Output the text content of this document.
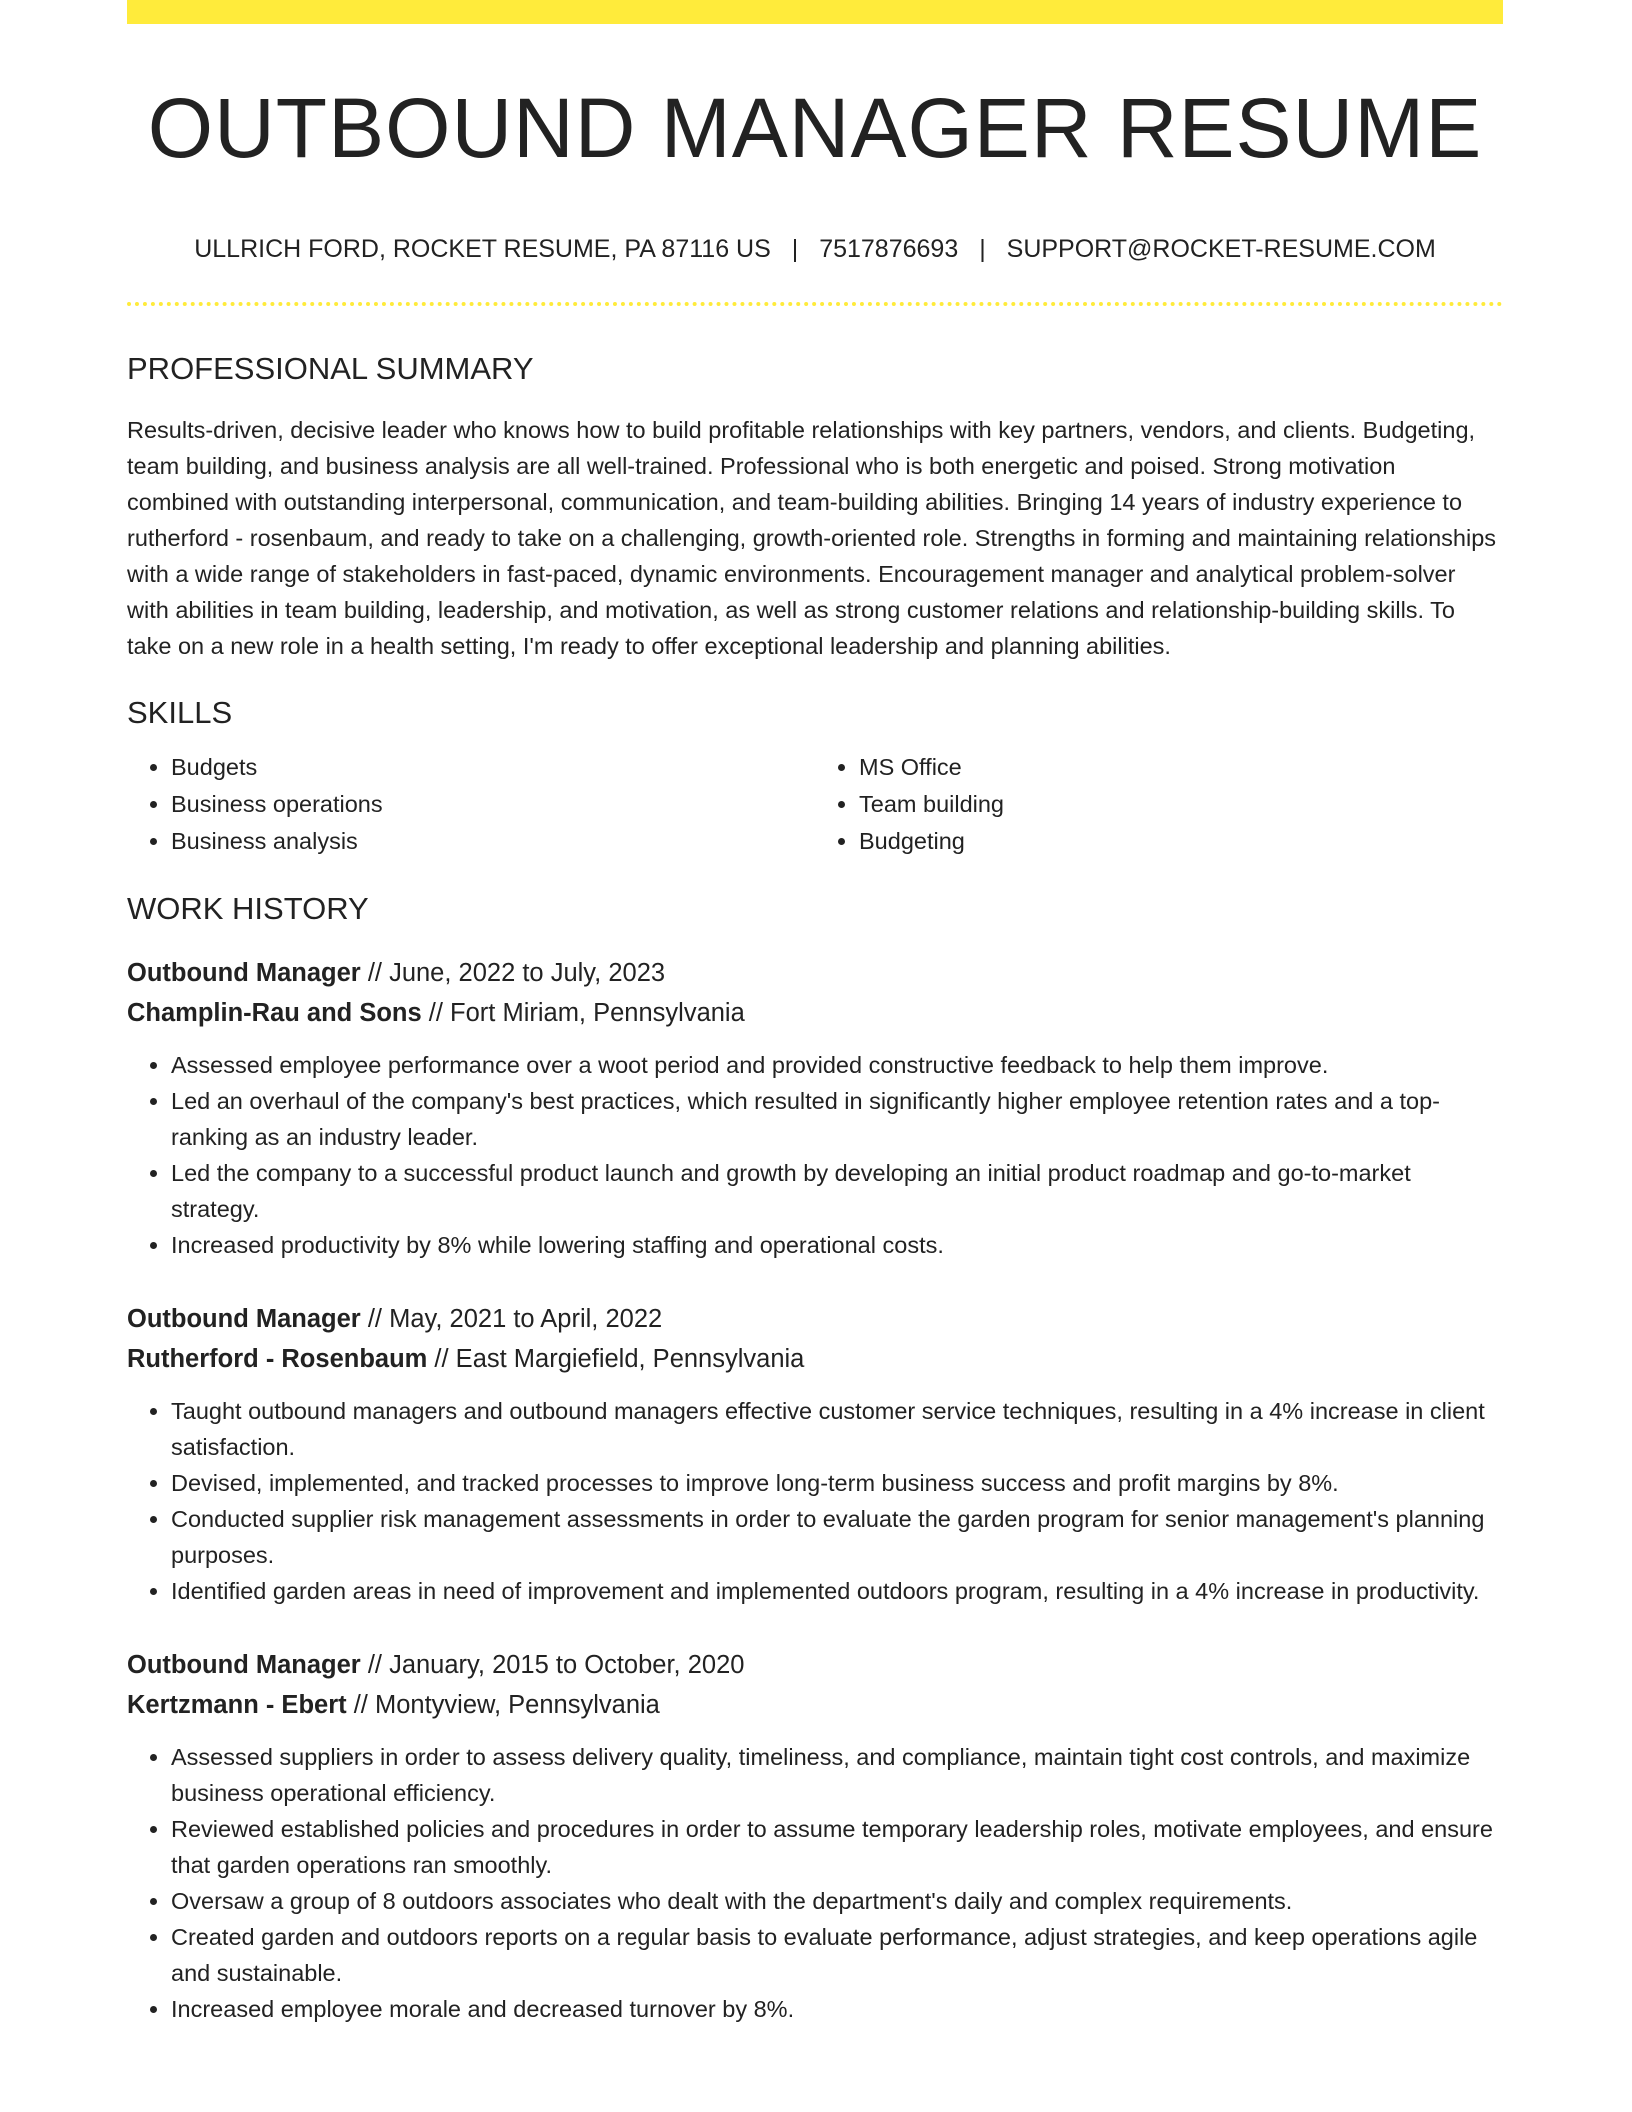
OUTBOUND MANAGER RESUME
ULLRICH FORD, ROCKET RESUME, PA 87116 US | 7517876693 | SUPPORT@ROCKET-RESUME.COM
PROFESSIONAL SUMMARY

Results-driven, decisive leader who knows how to build profitable relationships with key partners, vendors, and clients. Budgeting, team building, and business analysis are all well-trained. Professional who is both energetic and poised. Strong motivation combined with outstanding interpersonal, communication, and team-building abilities. Bringing 14 years of industry experience to rutherford - rosenbaum, and ready to take on a challenging, growth-oriented role. Strengths in forming and maintaining relationships with a wide range of stakeholders in fast-paced, dynamic environments. Encouragement manager and analytical problem-solver with abilities in team building, leadership, and motivation, as well as strong customer relations and relationship-building skills. To take on a new role in a health setting, I'm ready to offer exceptional leadership and planning abilities.

SKILLS
• Budgets
• Business operations
• Business analysis
• MS Office
• Team building
• Budgeting
WORK HISTORY
Outbound Manager // June, 2022 to July, 2023
Champlin-Rau and Sons // Fort Miriam, Pennsylvania
• Assessed employee performance over a woot period and provided constructive feedback to help them improve.
• Led an overhaul of the company's best practices, which resulted in significantly higher employee retention rates and a top-ranking as an industry leader.
• Led the company to a successful product launch and growth by developing an initial product roadmap and go-to-market strategy.
• Increased productivity by 8% while lowering staffing and operational costs.
Outbound Manager // May, 2021 to April, 2022
Rutherford - Rosenbaum // East Margiefield, Pennsylvania
• Taught outbound managers and outbound managers effective customer service techniques, resulting in a 4% increase in client satisfaction.
• Devised, implemented, and tracked processes to improve long-term business success and profit margins by 8%.
• Conducted supplier risk management assessments in order to evaluate the garden program for senior management's planning purposes.
• Identified garden areas in need of improvement and implemented outdoors program, resulting in a 4% increase in productivity.
Outbound Manager // January, 2015 to October, 2020
Kertzmann - Ebert // Montyview, Pennsylvania
• Assessed suppliers in order to assess delivery quality, timeliness, and compliance, maintain tight cost controls, and maximize business operational efficiency.
• Reviewed established policies and procedures in order to assume temporary leadership roles, motivate employees, and ensure that garden operations ran smoothly.
• Oversaw a group of 8 outdoors associates who dealt with the department's daily and complex requirements.
• Created garden and outdoors reports on a regular basis to evaluate performance, adjust strategies, and keep operations agile and sustainable.
• Increased employee morale and decreased turnover by 8%.
